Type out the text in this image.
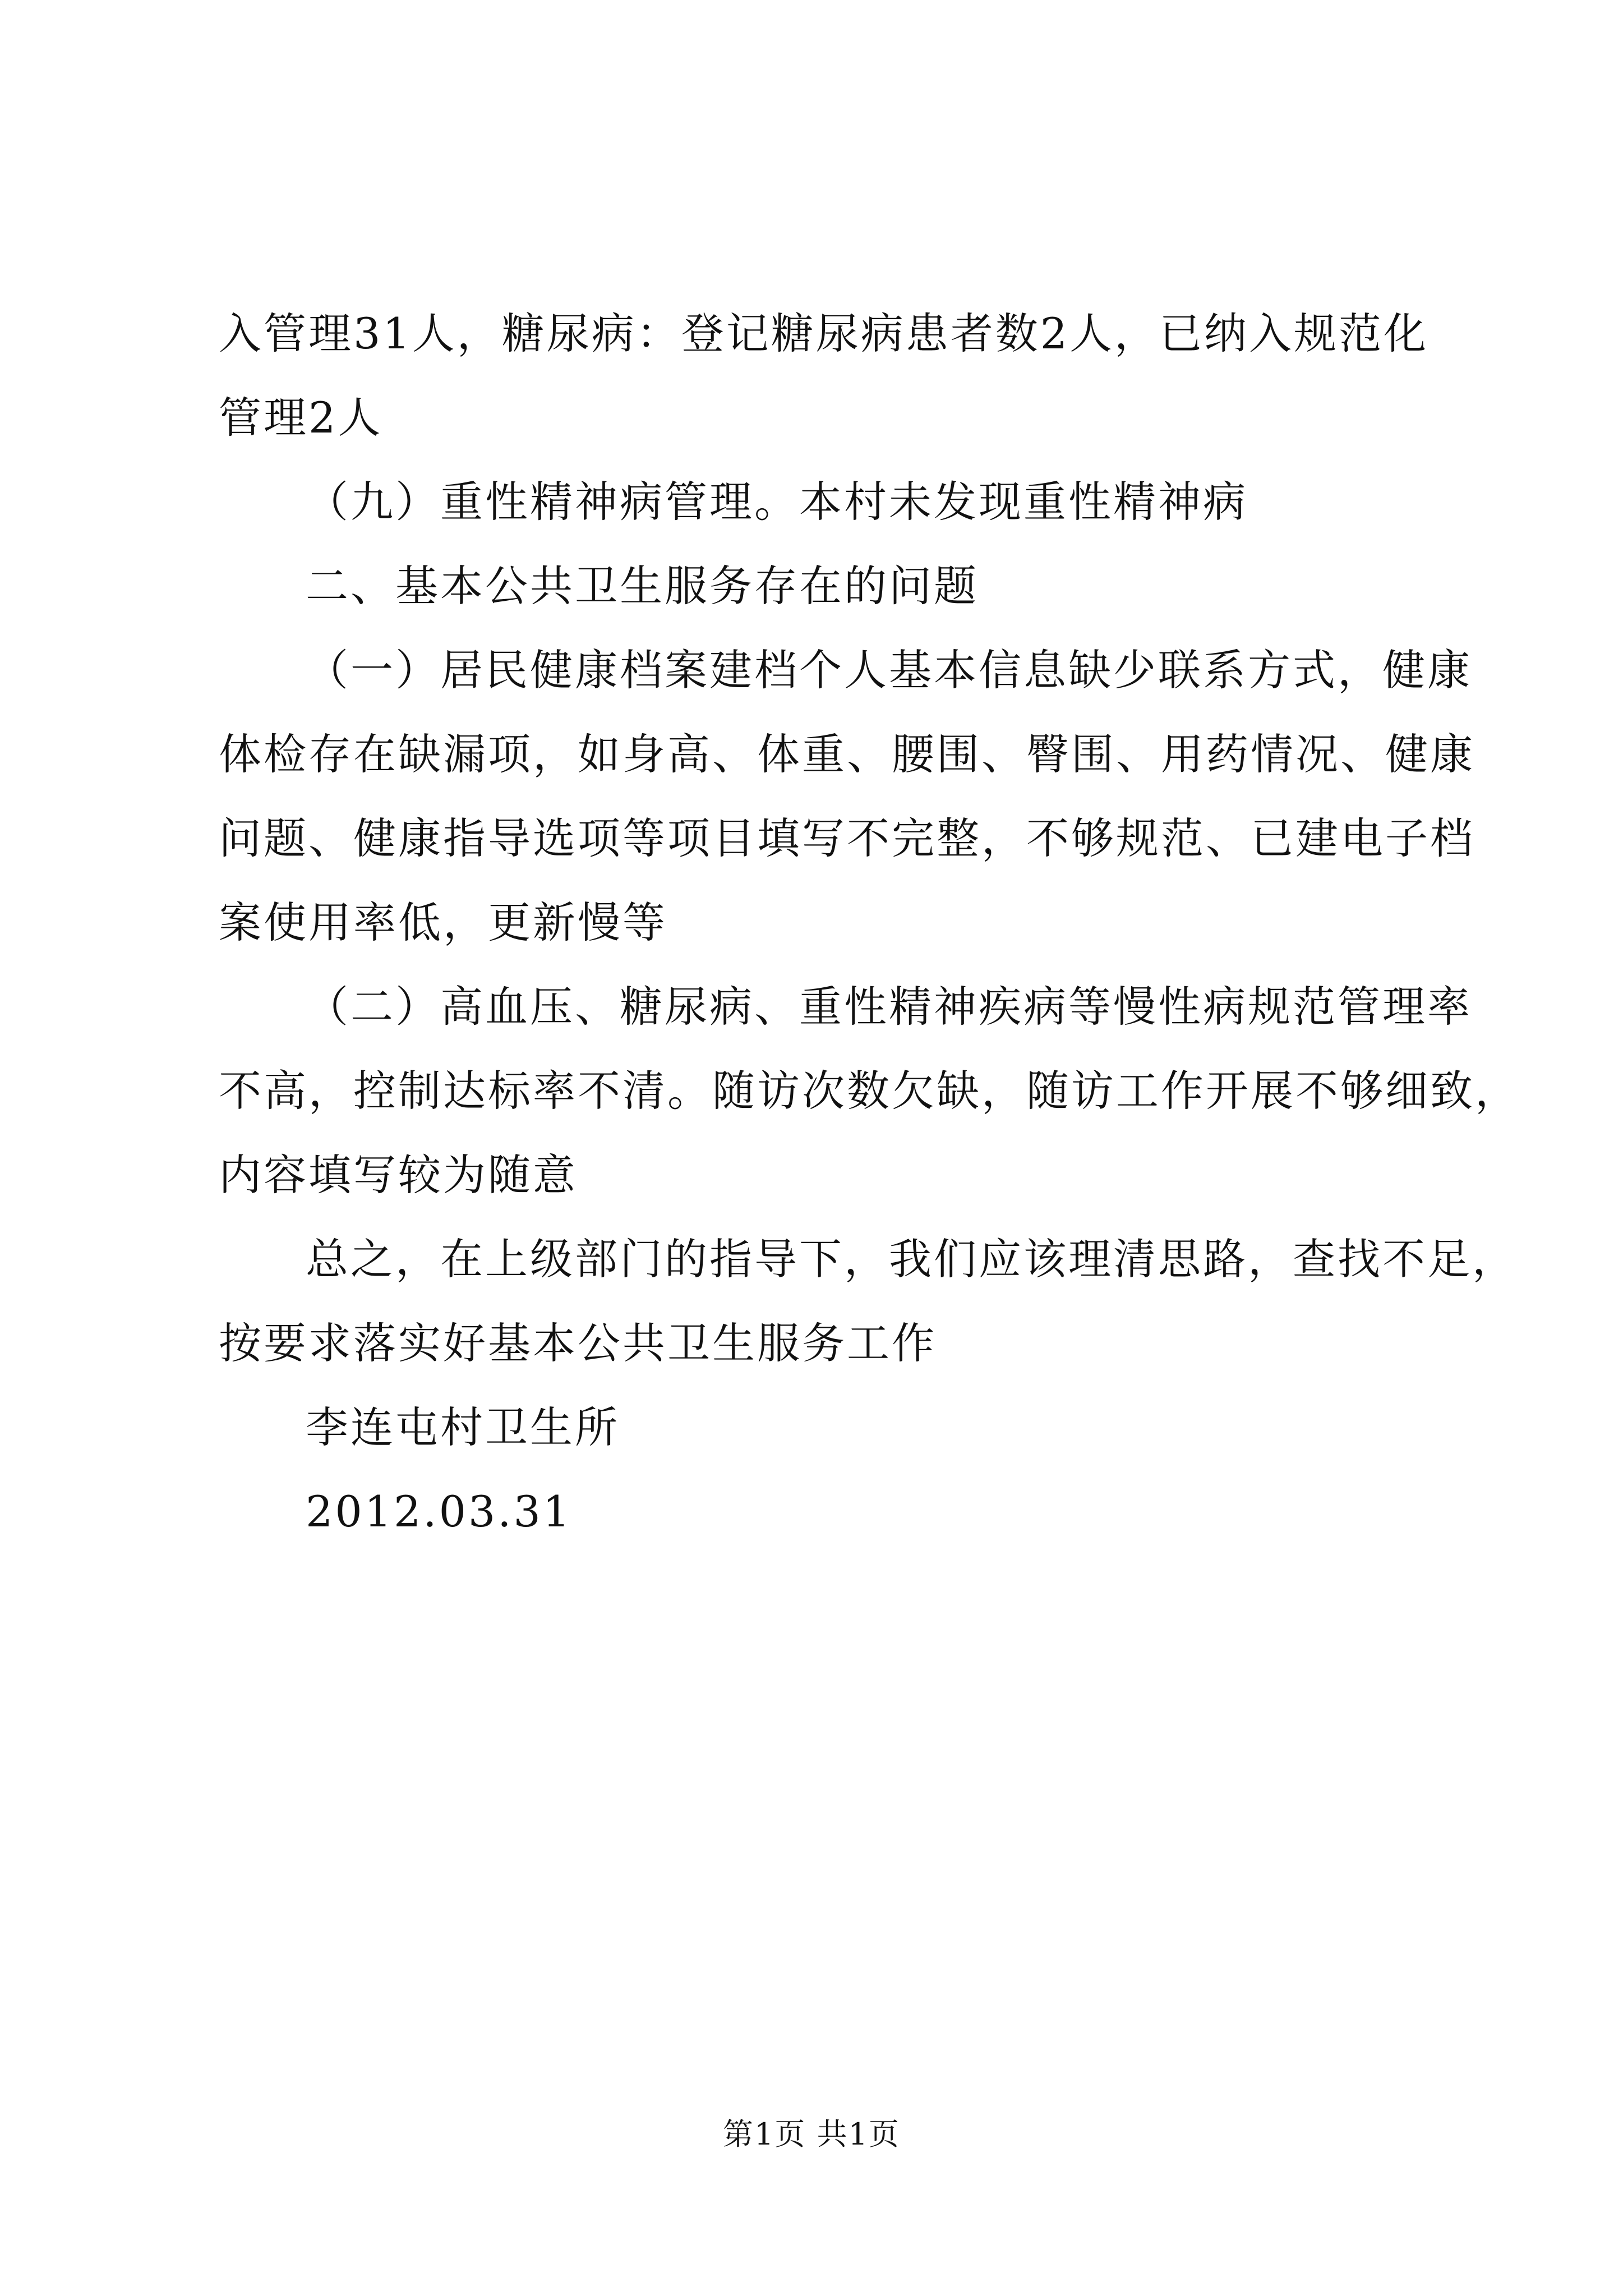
入管理31人，糖尿病：登记糖尿病患者数2人，已纳入规范化
管理2人
（九）重性精神病管理。本村未发现重性精神病
二、基本公共卫生服务存在的问题
（一）居民健康档案建档个人基本信息缺少联系方式，健康
体检存在缺漏项，如身高、体重、腰围、臀围、用药情况、健康
问题、健康指导选项等项目填写不完整，不够规范、已建电子档
案使用率低，更新慢等
（二）高血压、糖尿病、重性精神疾病等慢性病规范管理率
不高，控制达标率不清。随访次数欠缺，随访工作开展不够细致，
内容填写较为随意
总之，在上级部门的指导下，我们应该理清思路，查找不足，
按要求落实好基本公共卫生服务工作
李连屯村卫生所
2012.03.31
第1页 共1页
